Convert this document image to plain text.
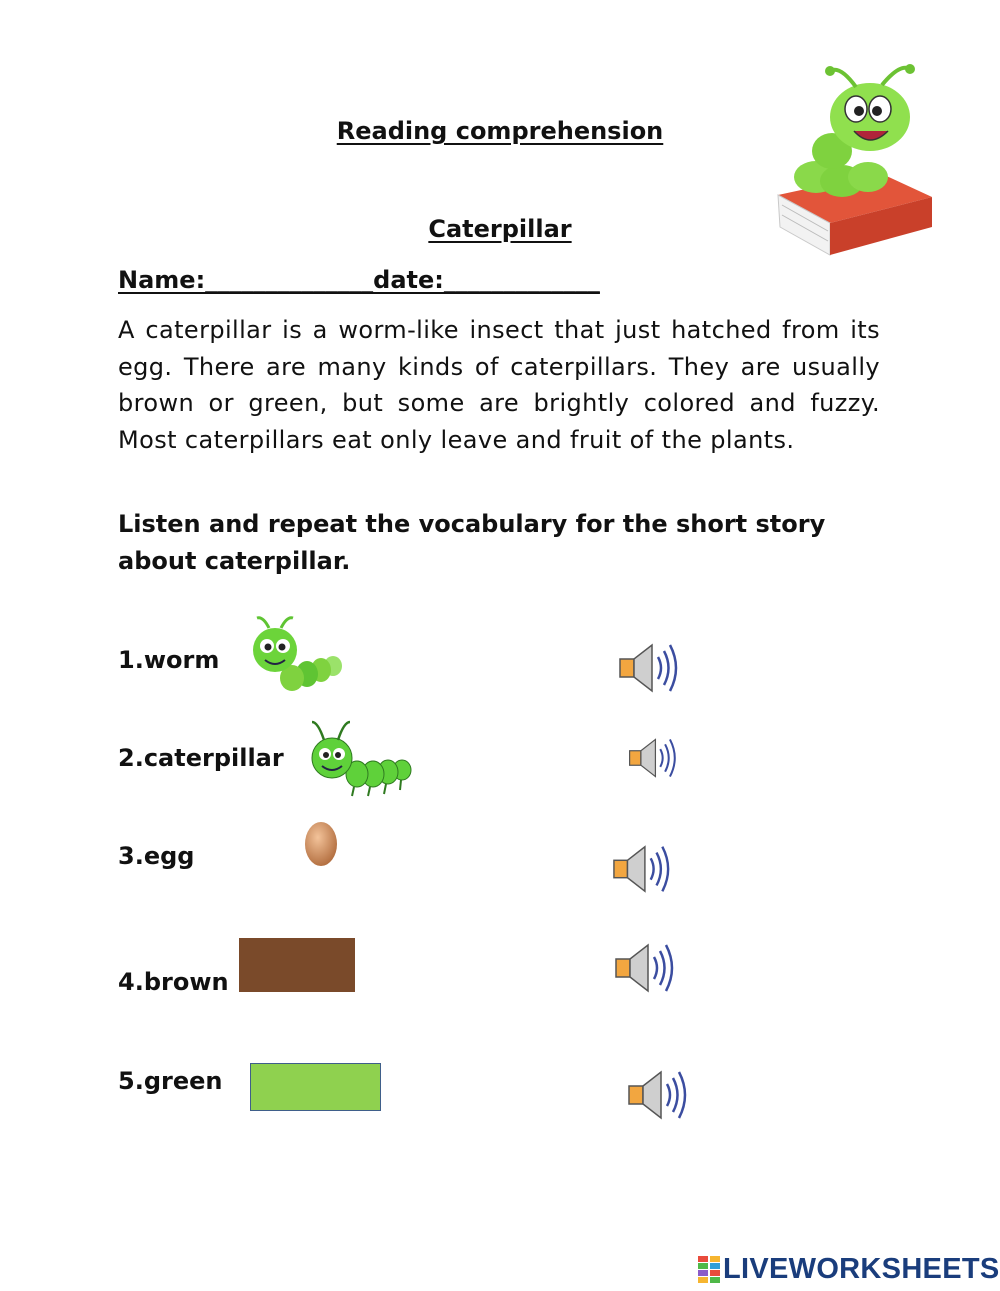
Reading comprehension
Caterpillar
Name:______________date:_____________
A caterpillar is a worm-like insect that just hatched from its egg. There are many kinds of caterpillars. They are usually brown or green, but some are brightly colored and fuzzy. Most caterpillars eat only leave and fruit of the plants.
Listen and repeat the vocabulary for the short story about caterpillar.
1.worm
2.caterpillar
3.egg
4.brown
5.green
LIVEWORKSHEETS
